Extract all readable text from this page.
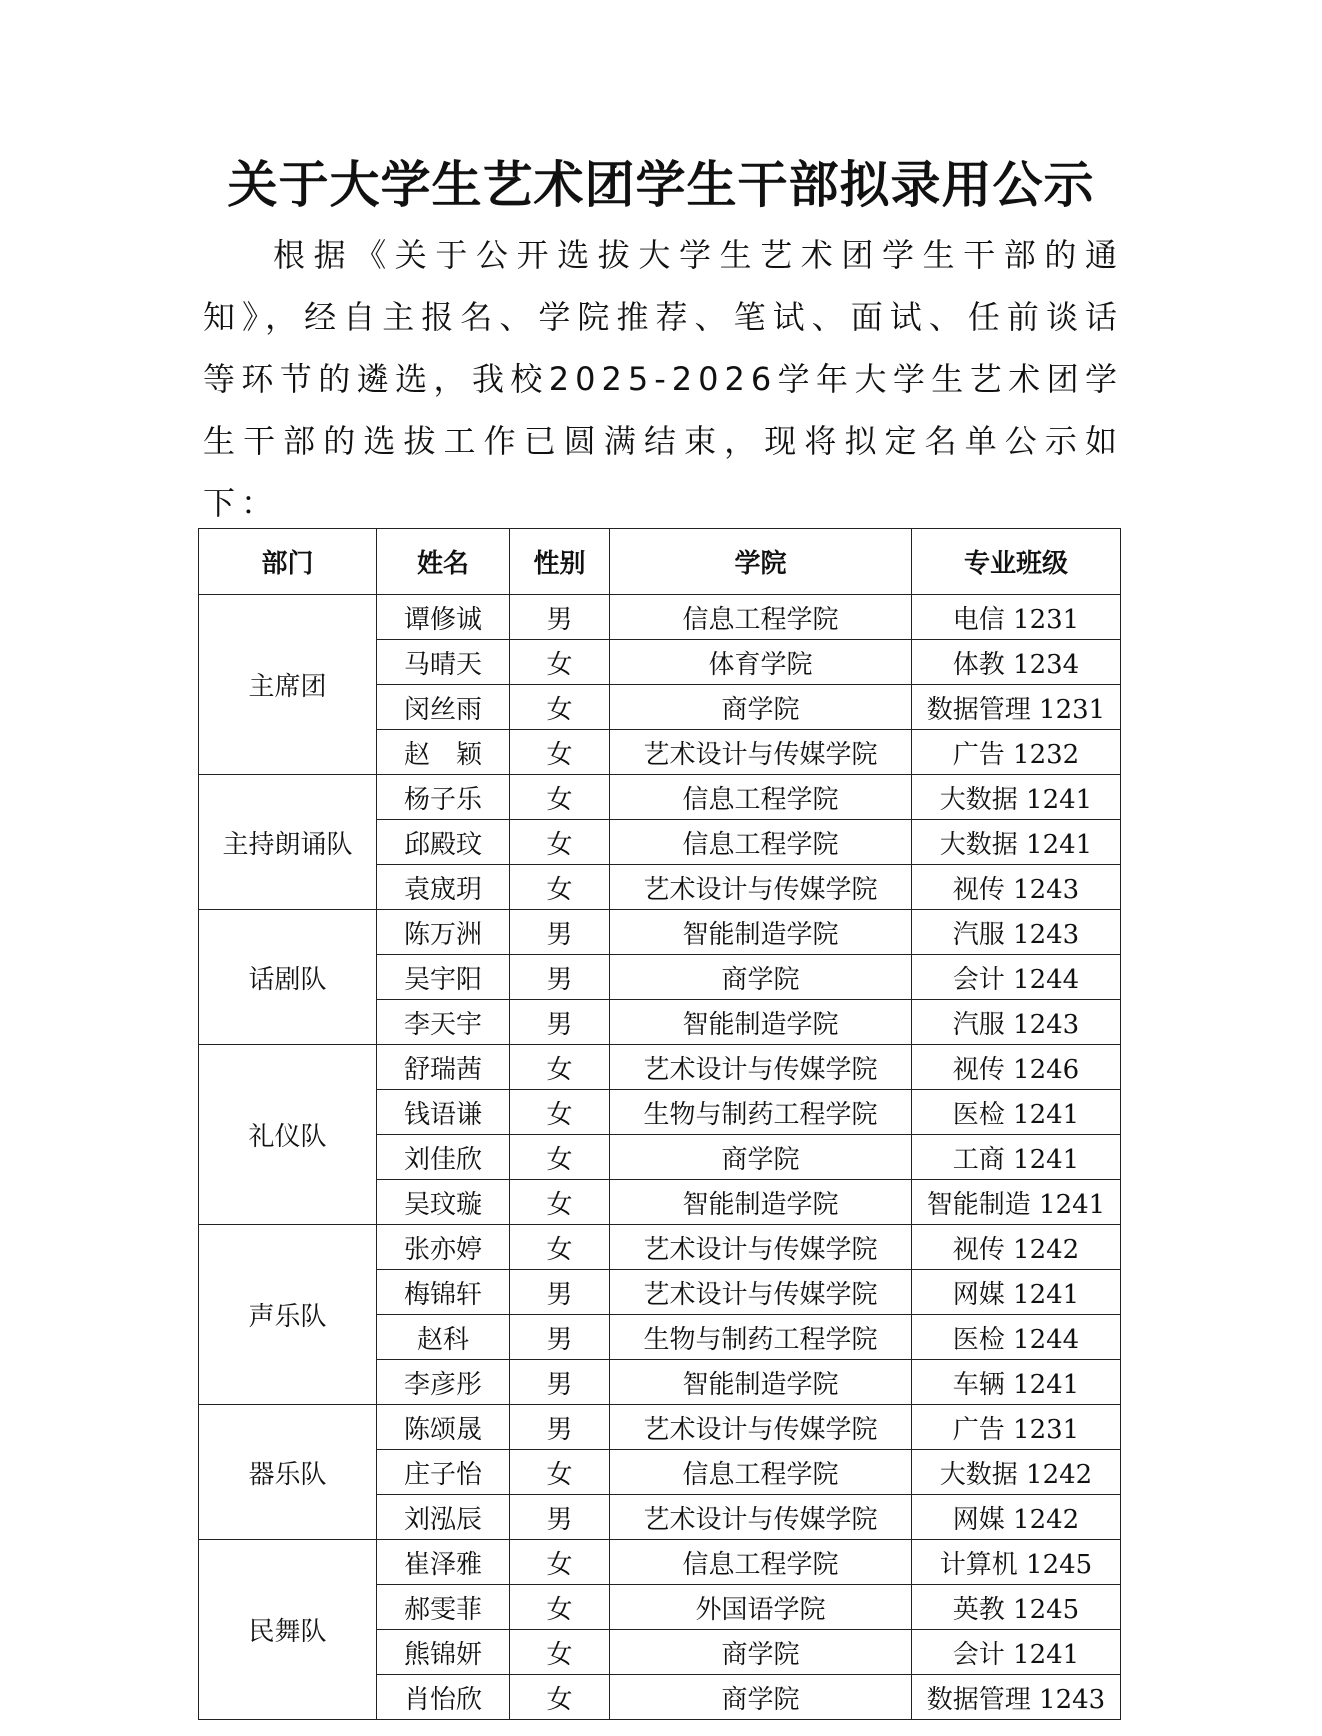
关于大学生艺术团学生干部拟录用公示

根据《关于公开选拔大学生艺术团学生干部的通知》，经自主报名、学院推荐、笔试、面试、任前谈话等环节的遴选，我校2025-2026学年大学生艺术团学生干部的选拔工作已圆满结束，现将拟定名单公示如下：

部门	姓名	性别	学院	专业班级
主席团	谭修诚	男	信息工程学院	电信 1231
	马晴天	女	体育学院	体教 1234
	闵丝雨	女	商学院	数据管理 1231
	赵　颖	女	艺术设计与传媒学院	广告 1232
主持朗诵队	杨子乐	女	信息工程学院	大数据 1241
	邱殿玟	女	信息工程学院	大数据 1241
	袁宬玥	女	艺术设计与传媒学院	视传 1243
话剧队	陈万洲	男	智能制造学院	汽服 1243
	吴宇阳	男	商学院	会计 1244
	李天宇	男	智能制造学院	汽服 1243
礼仪队	舒瑞茜	女	艺术设计与传媒学院	视传 1246
	钱语谦	女	生物与制药工程学院	医检 1241
	刘佳欣	女	商学院	工商 1241
	吴玟璇	女	智能制造学院	智能制造 1241
声乐队	张亦婷	女	艺术设计与传媒学院	视传 1242
	梅锦轩	男	艺术设计与传媒学院	网媒 1241
	赵科	男	生物与制药工程学院	医检 1244
	李彦彤	男	智能制造学院	车辆 1241
器乐队	陈颂晟	男	艺术设计与传媒学院	广告 1231
	庄子怡	女	信息工程学院	大数据 1242
	刘泓辰	男	艺术设计与传媒学院	网媒 1242
民舞队	崔泽雅	女	信息工程学院	计算机 1245
	郝雯菲	女	外国语学院	英教 1245
	熊锦妍	女	商学院	会计 1241
	肖怡欣	女	商学院	数据管理 1243
